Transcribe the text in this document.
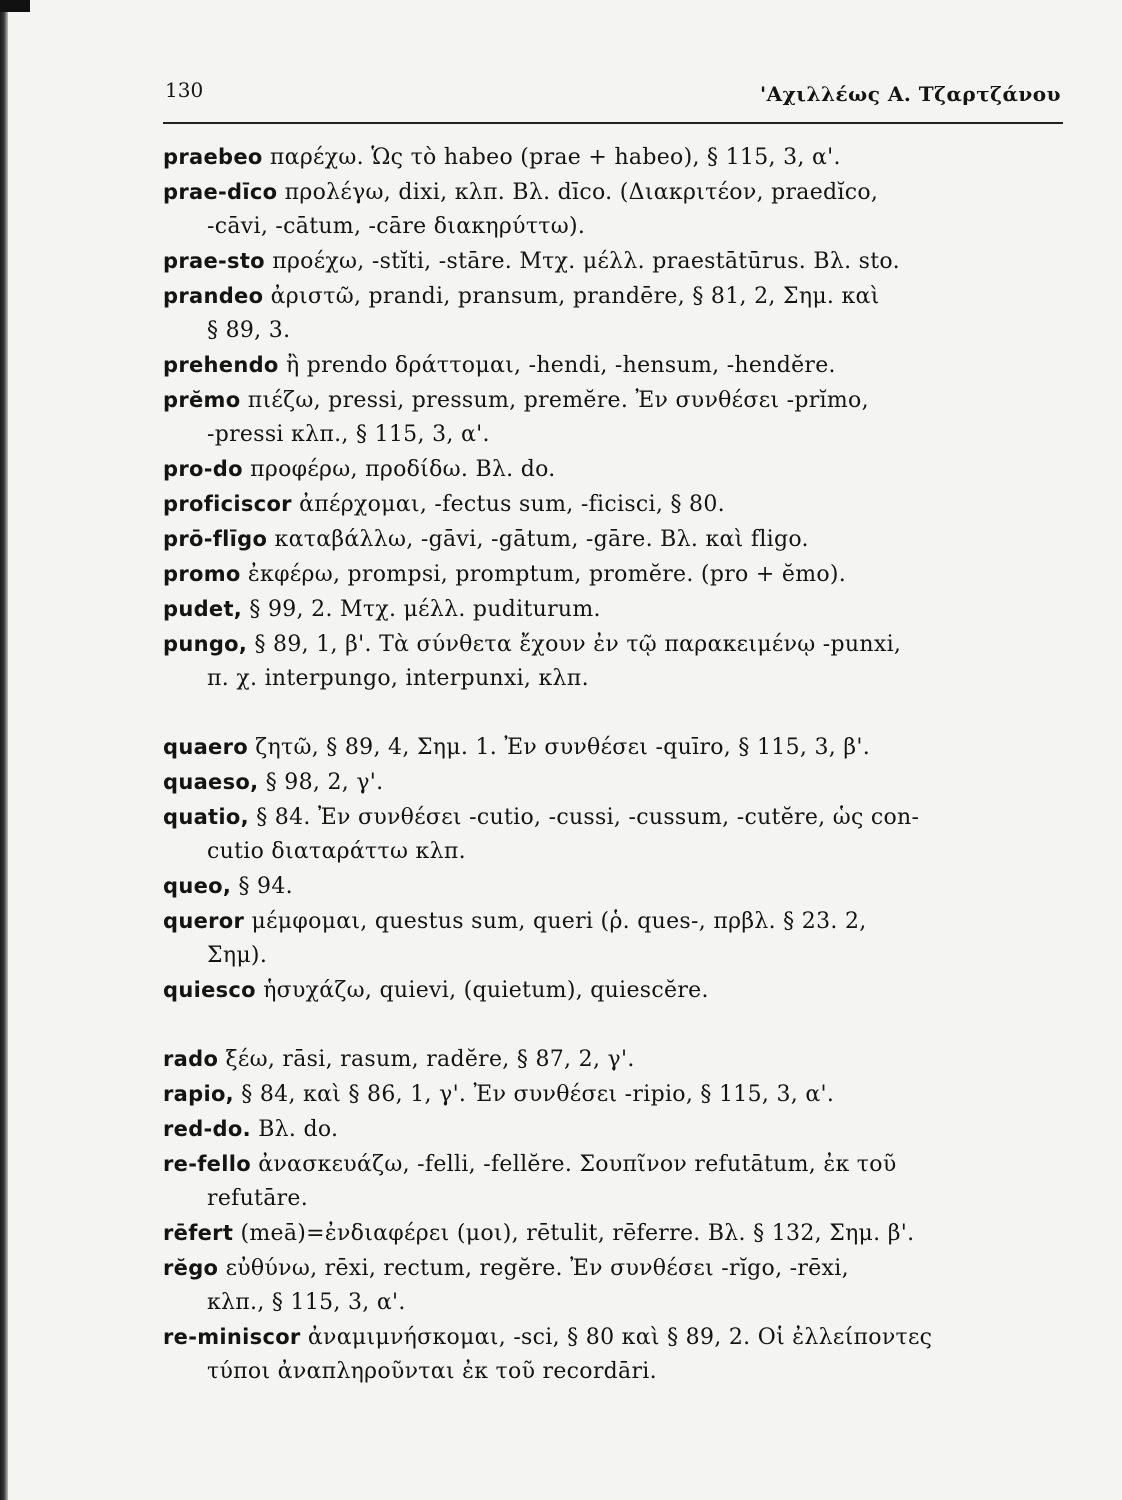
130	'Αχιλλέως Α. Τζαρτζάνου

praebeo παρέχω. Ὡς τὸ habeo (prae + habeo), § 115, 3, α'.

prae-dīco προλέγω, dixi, κλπ. Βλ. dīco. (Διακριτέον, praedĭco,
-cāvi, -cātum, -cāre διακηρύττω).

prae-sto προέχω, -stĭti, -stāre. Μτχ. μέλλ. praestātūrus. Βλ. sto.

prandeo ἀριστῶ, prandi, pransum, prandēre, § 81, 2, Σημ. καὶ
§ 89, 3.

prehendo ἢ prendo δράττομαι, -hendi, -hensum, -hendĕre.

prĕmo πιέζω, pressi, pressum, premĕre. Ἐν συνθέσει -prĭmo,
-pressi κλπ., § 115, 3, α'.

pro-do προφέρω, προδίδω. Βλ. do.

proficiscor ἀπέρχομαι, -fectus sum, -ficisci, § 80.

prō-flīgo καταβάλλω, -gāvi, -gātum, -gāre. Βλ. καὶ fligo.

promo ἐκφέρω, prompsi, promptum, promĕre. (pro + ĕmo).

pudet, § 99, 2. Μτχ. μέλλ. puditurum.

pungo, § 89, 1, β'. Τὰ σύνθετα ἔχουν ἐν τῷ παρακειμένῳ -punxi,
π. χ. interpungo, interpunxi, κλπ.

quaero ζητῶ, § 89, 4, Σημ. 1. Ἐν συνθέσει -quīro, § 115, 3, β'.

quaeso, § 98, 2, γ'.

quatio, § 84. Ἐν συνθέσει -cutio, -cussi, -cussum, -cutĕre, ὡς con-
cutio διαταράττω κλπ.

queo, § 94.

queror μέμφομαι, questus sum, queri (ῥ. ques-, πρβλ. § 23. 2,
Σημ).

quiesco ἡσυχάζω, quievi, (quietum), quiescĕre.

rado ξέω, rāsi, rasum, radĕre, § 87, 2, γ'.

rapio, § 84, καὶ § 86, 1, γ'. Ἐν συνθέσει -ripio, § 115, 3, α'.

red-do. Βλ. do.

re-fello ἀνασκευάζω, -felli, -fellĕre. Σουπῖνον refutātum, ἐκ τοῦ
refutāre.

rēfert (meā)=ἐνδιαφέρει (μοι), rētulit, rēferre. Βλ. § 132, Σημ. β'.

rĕgo εὐθύνω, rēxi, rectum, regĕre. Ἐν συνθέσει -rĭgo, -rēxi,
κλπ., § 115, 3, α'.

re-miniscor ἀναμιμνήσκομαι, -sci, § 80 καὶ § 89, 2. Οἱ ἐλλείποντες
τύποι ἀναπληροῦνται ἐκ τοῦ recordāri.
